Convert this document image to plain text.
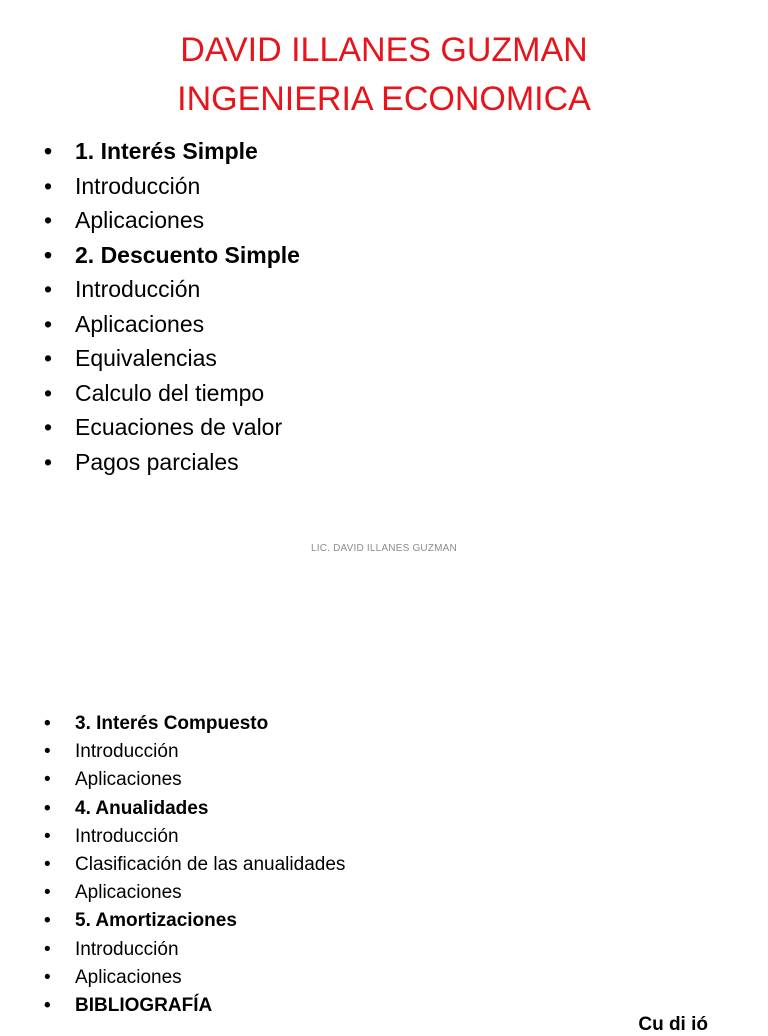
DAVID ILLANES GUZMAN
INGENIERIA ECONOMICA
• 1. Interés Simple
• Introducción
• Aplicaciones
• 2. Descuento Simple
• Introducción
• Aplicaciones
• Equivalencias
• Calculo del tiempo
• Ecuaciones de valor
• Pagos parciales
LIC. DAVID ILLANES GUZMAN
• 3. Interés Compuesto
• Introducción
• Aplicaciones
• 4. Anualidades
• Introducción
• Clasificación de las anualidades
• Aplicaciones
• 5. Amortizaciones
• Introducción
• Aplicaciones
• BIBLIOGRAFÍA
Cu di ió
